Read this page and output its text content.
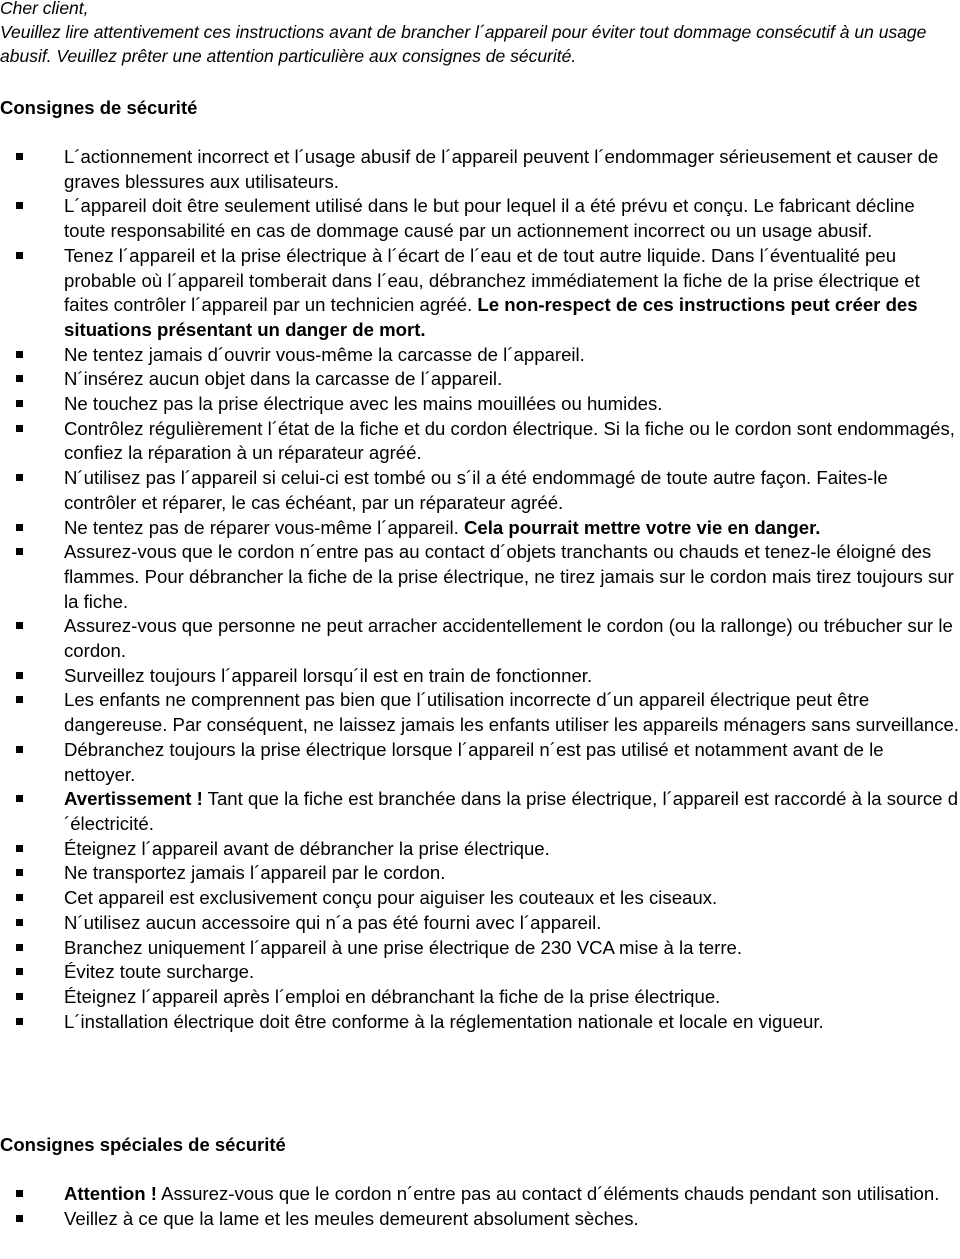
Cher client,

Veuillez lire attentivement ces instructions avant de brancher l´appareil pour éviter tout dommage consécutif à un usage abusif. Veuillez prêter une attention particulière aux consignes de sécurité.

Consignes de sécurité
L´actionnement incorrect et l´usage abusif de l´appareil peuvent l´endommager sérieusement et causer de graves blessures aux utilisateurs.
L´appareil doit être seulement utilisé dans le but pour lequel il a été prévu et conçu. Le fabricant décline toute responsabilité en cas de dommage causé par un actionnement incorrect ou un usage abusif.
Tenez l´appareil et la prise électrique à l´écart de l´eau et de tout autre liquide. Dans l´éventualité peu probable où l´appareil tomberait dans l´eau, débranchez immédiatement la fiche de la prise électrique et faites contrôler l´appareil par un technicien agréé. Le non-respect de ces instructions peut créer des situations présentant un danger de mort.
Ne tentez jamais d´ouvrir vous-même la carcasse de l´appareil.
N´insérez aucun objet dans la carcasse de l´appareil.
Ne touchez pas la prise électrique avec les mains mouillées ou humides.
Contrôlez régulièrement l´état de la fiche et du cordon électrique. Si la fiche ou le cordon sont endommagés, confiez la réparation à un réparateur agréé.
N´utilisez pas l´appareil si celui-ci est tombé ou s´il a été endommagé de toute autre façon. Faites-le contrôler et réparer, le cas échéant, par un réparateur agréé.
Ne tentez pas de réparer vous-même l´appareil. Cela pourrait mettre votre vie en danger.
Assurez-vous que le cordon n´entre pas au contact d´objets tranchants ou chauds et tenez-le éloigné des flammes. Pour débrancher la fiche de la prise électrique, ne tirez jamais sur le cordon mais tirez toujours sur la fiche.
Assurez-vous que personne ne peut arracher accidentellement le cordon (ou la rallonge) ou trébucher sur le cordon.
Surveillez toujours l´appareil lorsqu´il est en train de fonctionner.
Les enfants ne comprennent pas bien que l´utilisation incorrecte d´un appareil électrique peut être dangereuse. Par conséquent, ne laissez jamais les enfants utiliser les appareils ménagers sans surveillance.
Débranchez toujours la prise électrique lorsque l´appareil n´est pas utilisé et notamment avant de le nettoyer.
Avertissement ! Tant que la fiche est branchée dans la prise électrique, l´appareil est raccordé à la source d´électricité.
Éteignez l´appareil avant de débrancher la prise électrique.
Ne transportez jamais l´appareil par le cordon.
Cet appareil est exclusivement conçu pour aiguiser les couteaux et les ciseaux.
N´utilisez aucun accessoire qui n´a pas été fourni avec l´appareil.
Branchez uniquement l´appareil à une prise électrique de 230 VCA mise à la terre.
Évitez toute surcharge.
Éteignez l´appareil après l´emploi en débranchant la fiche de la prise électrique.
L´installation électrique doit être conforme à la réglementation nationale et locale en vigueur.
Consignes spéciales de sécurité
Attention ! Assurez-vous que le cordon n´entre pas au contact d´éléments chauds pendant son utilisation.
Veillez à ce que la lame et les meules demeurent absolument sèches.
